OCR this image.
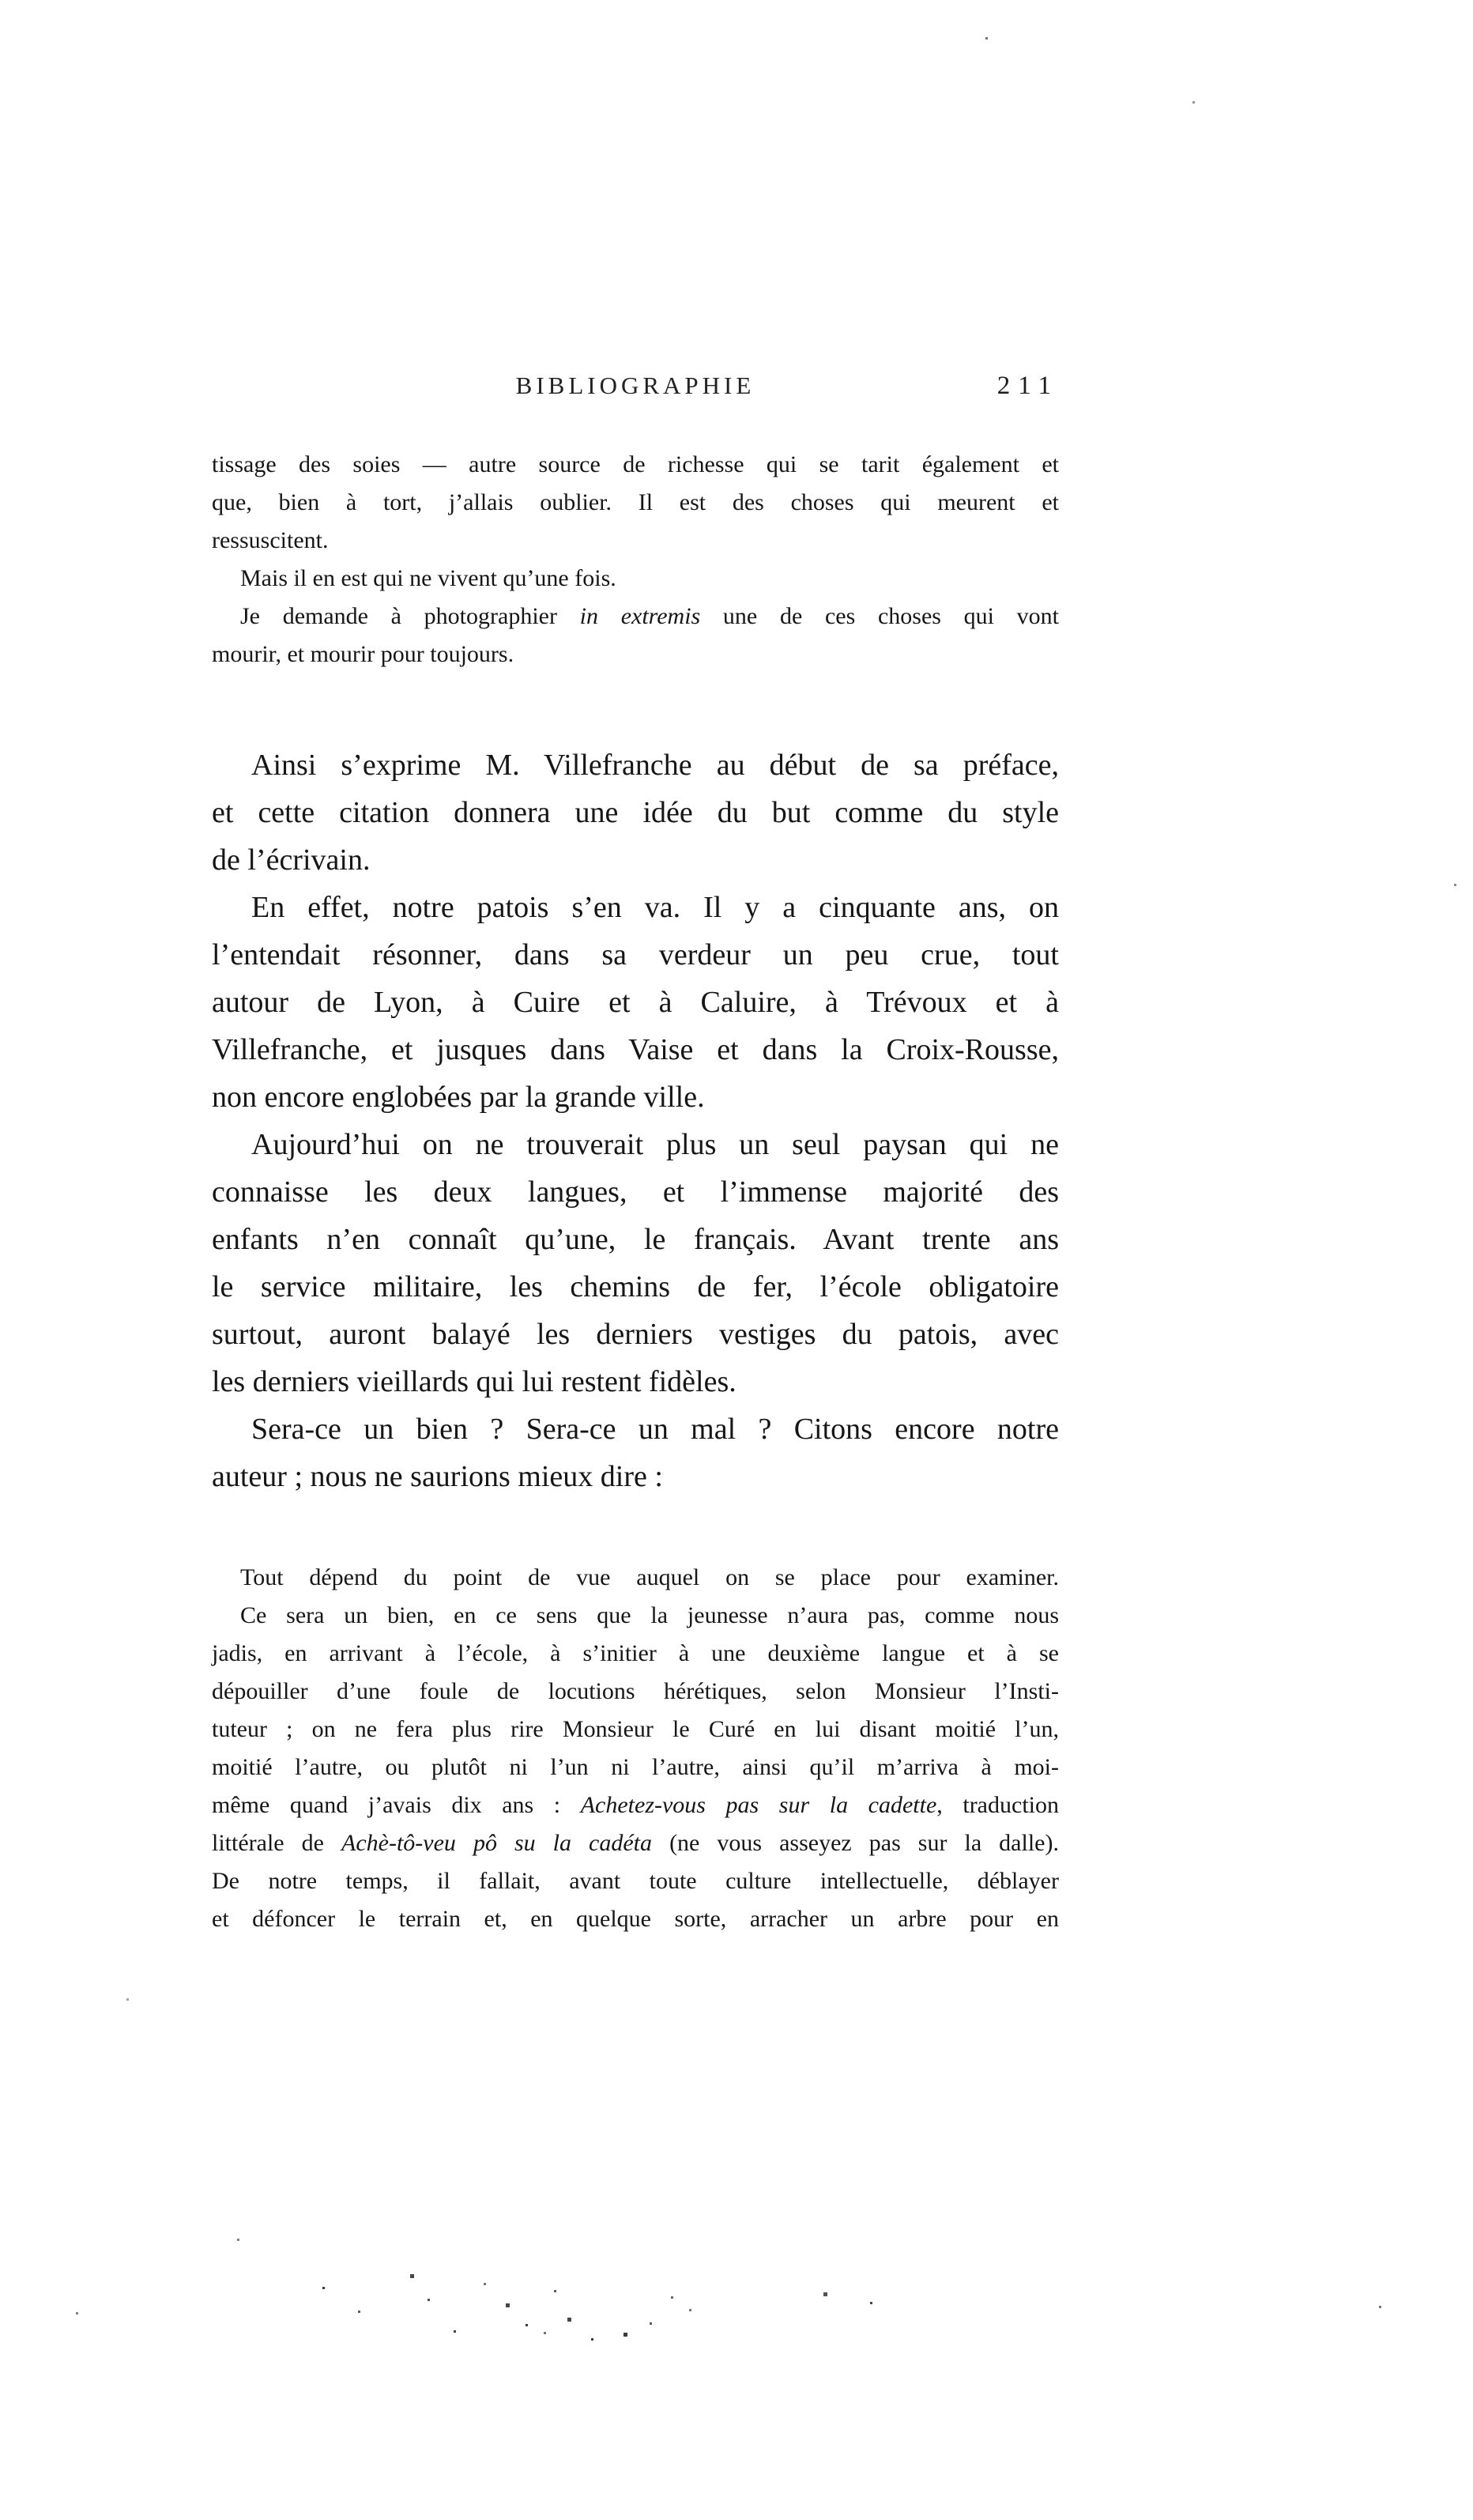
BIBLIOGRAPHIE	211
tissage des soies — autre source de richesse qui se tarit également et
que, bien à tort, j’allais oublier. Il est des choses qui meurent et
ressuscitent.
Mais il en est qui ne vivent qu’une fois.
Je demande à photographier in extremis une de ces choses qui vont
mourir, et mourir pour toujours.
Ainsi s’exprime M. Villefranche au début de sa préface,
et cette citation donnera une idée du but comme du style
de l’écrivain.
En effet, notre patois s’en va. Il y a cinquante ans, on
l’entendait résonner, dans sa verdeur un peu crue, tout
autour de Lyon, à Cuire et à Caluire, à Trévoux et à
Villefranche, et jusques dans Vaise et dans la Croix-Rousse,
non encore englobées par la grande ville.
Aujourd’hui on ne trouverait plus un seul paysan qui ne
connaisse les deux langues, et l’immense majorité des
enfants n’en connaît qu’une, le français. Avant trente ans
le service militaire, les chemins de fer, l’école obligatoire
surtout, auront balayé les derniers vestiges du patois, avec
les derniers vieillards qui lui restent fidèles.
Sera-ce un bien ? Sera-ce un mal ? Citons encore notre
auteur ; nous ne saurions mieux dire :
Tout dépend du point de vue auquel on se place pour examiner.
Ce sera un bien, en ce sens que la jeunesse n’aura pas, comme nous
jadis, en arrivant à l’école, à s’initier à une deuxième langue et à se
dépouiller d’une foule de locutions hérétiques, selon Monsieur l’Insti-
tuteur ; on ne fera plus rire Monsieur le Curé en lui disant moitié l’un,
moitié l’autre, ou plutôt ni l’un ni l’autre, ainsi qu’il m’arriva à moi-
même quand j’avais dix ans : Achetez-vous pas sur la cadette, traduction
littérale de Achè-tô-veu pô su la cadéta (ne vous asseyez pas sur la dalle).
De notre temps, il fallait, avant toute culture intellectuelle, déblayer
et défoncer le terrain et, en quelque sorte, arracher un arbre pour en
